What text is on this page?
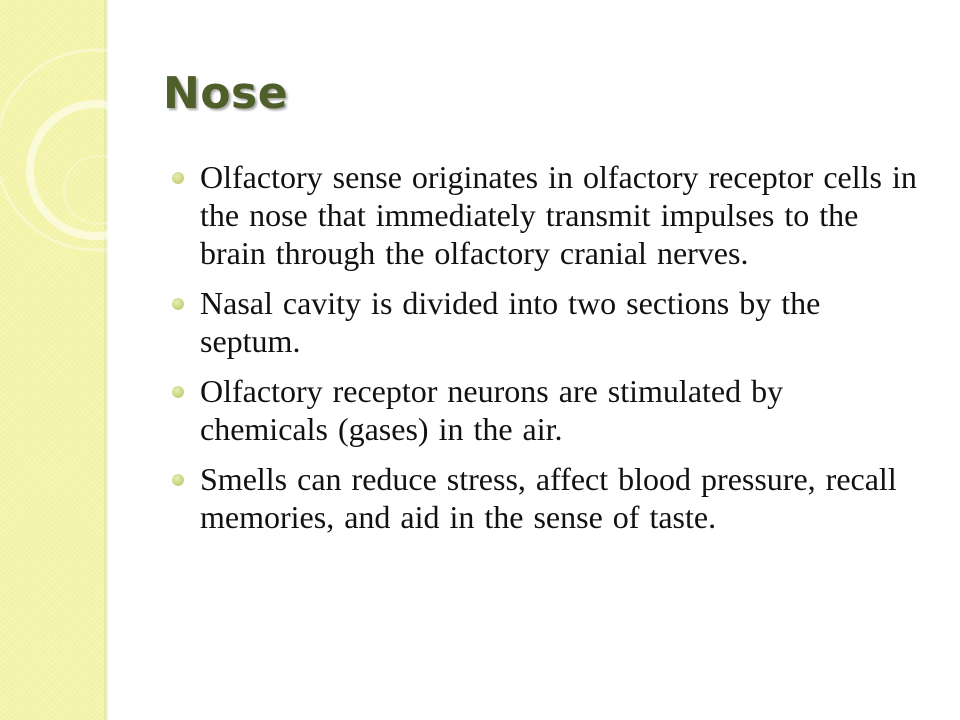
Nose
Olfactory sense originates in olfactory receptor cells in the nose that immediately transmit impulses to the brain through the olfactory cranial nerves.
Nasal cavity is divided into two sections by the septum.
Olfactory receptor neurons are stimulated by chemicals (gases) in the air.
Smells can reduce stress, affect blood pressure, recall memories, and aid in the sense of taste.
